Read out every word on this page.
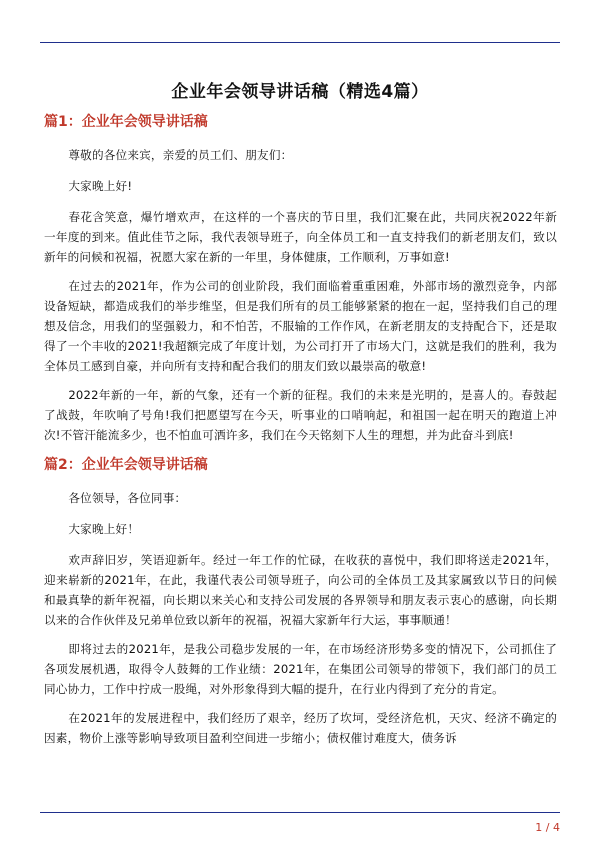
企业年会领导讲话稿（精选4篇）
篇1：企业年会领导讲话稿

尊敬的各位来宾，亲爱的员工们、朋友们：

大家晚上好!

春花含笑意，爆竹增欢声，在这样的一个喜庆的节日里，我们汇聚在此，共同庆祝2022年新一年度的到来。值此佳节之际，我代表领导班子，向全体员工和一直支持我们的新老朋友们，致以新年的问候和祝福，祝愿大家在新的一年里，身体健康，工作顺利，万事如意!

在过去的2021年，作为公司的创业阶段，我们面临着重重困难，外部市场的激烈竞争，内部设备短缺，都造成我们的举步维坚，但是我们所有的员工能够紧紧的抱在一起，坚持我们自己的理想及信念，用我们的坚强毅力，和不怕苦，不服输的工作作风，在新老朋友的支持配合下，还是取得了一个丰收的2021!我超额完成了年度计划，为公司打开了市场大门，这就是我们的胜利，我为全体员工感到自豪，并向所有支持和配合我们的朋友们致以最崇高的敬意!

2022年新的一年，新的气象，还有一个新的征程。我们的未来是光明的，是喜人的。春鼓起了战鼓，年吹响了号角!我们把愿望写在今天，听事业的口哨响起，和祖国一起在明天的跑道上冲次!不管汗能流多少，也不怕血可洒许多，我们在今天铭刻下人生的理想，并为此奋斗到底!

篇2：企业年会领导讲话稿

各位领导，各位同事：

大家晚上好！

欢声辞旧岁，笑语迎新年。经过一年工作的忙碌，在收获的喜悦中，我们即将送走2021年，迎来崭新的2021年，在此，我谨代表公司领导班子，向公司的全体员工及其家属致以节日的问候和最真挚的新年祝福，向长期以来关心和支持公司发展的各界领导和朋友表示衷心的感谢，向长期以来的合作伙伴及兄弟单位致以新年的祝福，祝福大家新年行大运，事事顺通！

即将过去的2021年，是我公司稳步发展的一年，在市场经济形势多变的情况下，公司抓住了各项发展机遇，取得令人鼓舞的工作业绩：2021年，在集团公司领导的带领下，我们部门的员工同心协力，工作中拧成一股绳，对外形象得到大幅的提升，在行业内得到了充分的肯定。

在2021年的发展进程中，我们经历了艰辛，经历了坎坷，受经济危机，天灾、经济不确定的因素，物价上涨等影响导致项目盈利空间进一步缩小；债权催讨难度大，债务诉

1 / 4
